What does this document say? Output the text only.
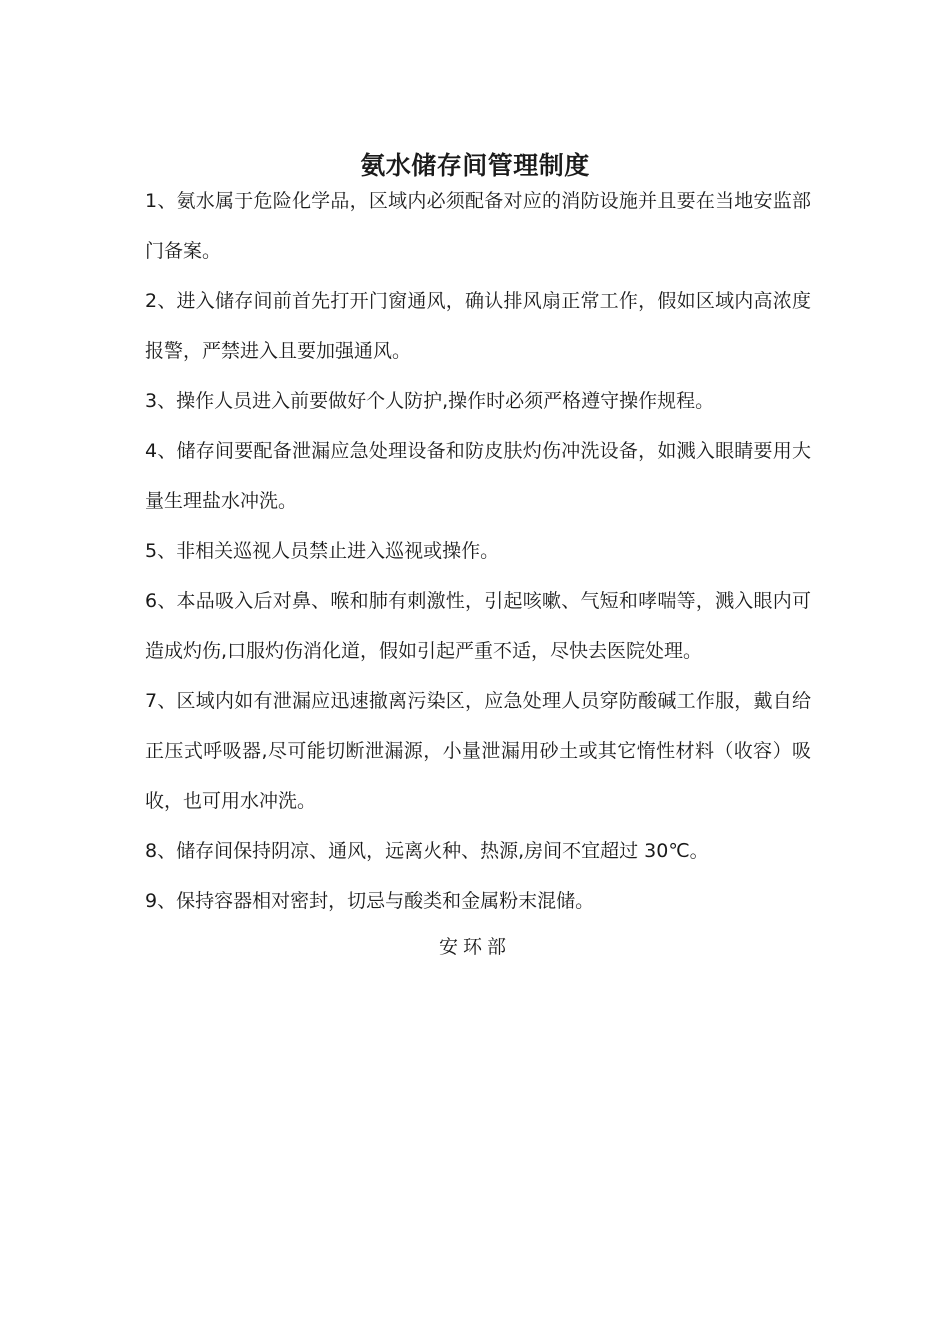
氨水储存间管理制度
1、氨水属于危险化学品，区域内必须配备对应的消防设施并且要在当地安监部门备案。
2、进入储存间前首先打开门窗通风，确认排风扇正常工作，假如区域内高浓度报警，严禁进入且要加强通风。
3、操作人员进入前要做好个人防护,操作时必须严格遵守操作规程。
4、储存间要配备泄漏应急处理设备和防皮肤灼伤冲洗设备，如溅入眼睛要用大量生理盐水冲洗。
5、非相关巡视人员禁止进入巡视或操作。
6、本品吸入后对鼻、喉和肺有刺激性，引起咳嗽、气短和哮喘等，溅入眼内可造成灼伤,口服灼伤消化道，假如引起严重不适，尽快去医院处理。
7、区域内如有泄漏应迅速撤离污染区，应急处理人员穿防酸碱工作服，戴自给正压式呼吸器,尽可能切断泄漏源，小量泄漏用砂土或其它惰性材料（收容）吸收，也可用水冲洗。
8、储存间保持阴凉、通风，远离火种、热源,房间不宜超过 30℃。
9、保持容器相对密封，切忌与酸类和金属粉末混储。
安环部
